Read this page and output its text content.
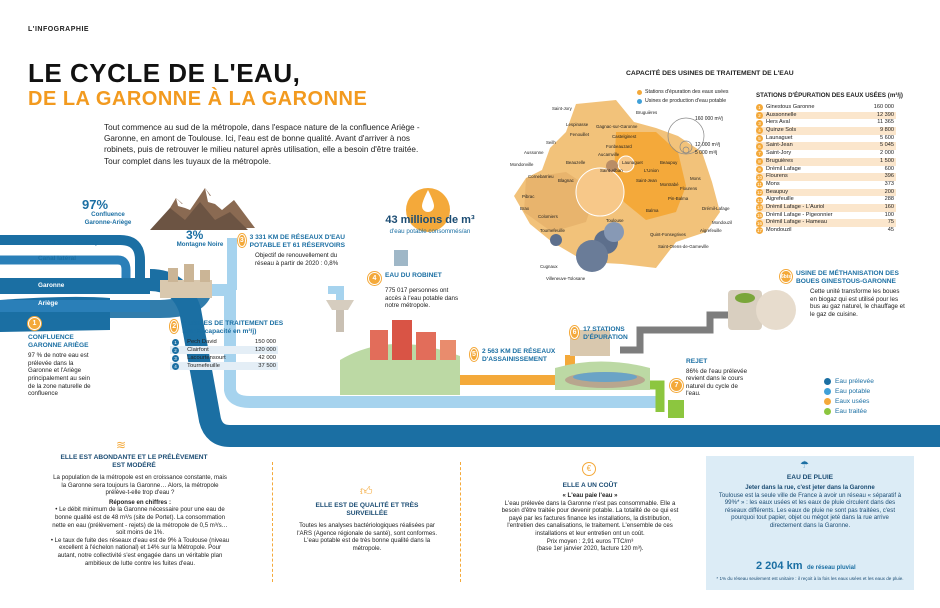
L'INFOGRAPHIE
LE CYCLE DE L'EAU,
DE LA GARONNE À LA GARONNE
Tout commence au sud de la métropole, dans l'espace nature de la confluence Ariège - Garonne, en amont de Toulouse. Ici, l'eau est de bonne qualité. Avant d'arriver à nos robinets, puis de retrouver le milieu naturel après utilisation, elle a besoin d'être traitée. Tour complet dans les tuyaux de la métropole.
97%
Confluence Garonne-Ariège
3%
Montagne Noire
Canal Saint-Martory
Canal latéral
Garonne
Ariège
1
CONFLUENCE GARONNE ARIÈGE
97 % de notre eau est prélevée dans la Garonne et l'Ariège principalement au sein de la zone naturelle de confluence
2 4 USINES DE TRAITEMENT DES EAUX (capacité en m³/j)
1	Pech David	150 000
2	Clairfont	120 000
3	Lacourtensourt	42 000
4	Tournefeuille	37 500
3 3 331 KM DE RÉSEAUX D'EAU POTABLE ET 61 RÉSERVOIRS
Objectif de renouvellement du réseau à partir de 2020 : 0,8%
43 millions de m³
d'eau potable consommés/an
4	EAU DU ROBINET
775 017 personnes ont accès à l'eau potable dans notre métropole.
5 2 563 KM DE RÉSEAUX D'ASSAINISSEMENT
6	17 STATIONS D'ÉPURATION
6bis USINE DE MÉTHANISATION DES BOUES GINESTOUS-GARONNE
Cette unité transforme les boues en biogaz qui est utilisé pour les bus au gaz naturel, le chauffage et le gaz de cuisine.
REJET
86% de l'eau prélevée revient dans le cours naturel du cycle de l'eau.
7
Eau prélevée
Eau potable
Eaux usées
Eau traitée
CAPACITÉ DES USINES DE TRAITEMENT DE L'EAU
Stations d'épuration des eaux usées
Usines de production d'eau potable
160 000 m³/j
12 000 m³/j
5 000 m³/j
Saint-Jory
Lespinasse Gagnac-sur-Garonne
Fenouillet
Seilh
Aussonne
Beauzelle
Mondonville
Cornebarrieu
Blagnac
Aucamville
Fonbeauzard
Castelginest
Saint-Alban
Launaguet
L'Union
Saint-Jean
Pibrac
Brax
Colomiers
Toulouse
Balma
Quint-Fonsegrives
Tournefeuille
Cugnaux
Villeneuve-Tolosane
Saint-Orens-de-Gameville
Flourens
Drémil-Lafage
Mons
Pin-Balma
Montrabé
Beaupuy
Bruguières
Mondouzil
Aigrefeuille
STATIONS D'ÉPURATION DES EAUX USÉES (m³/j)
1 Ginestous Garonne	160 000
2 Aussonnelle	12 390
3 Hers Aval	11 365
4 Quinze Sols	9 800
5 Launaguet	5 600
6 Saint-Jean	5 045
7 Saint-Jory	2 000
8 Bruguières	1 500
9 Drémil Lafage	600
10 Flourens	396
11 Mons	373
12 Beaupuy	200
13 Aigrefeuille	288
14 Drémil Lafage - L'Auriol	160
15 Drémil Lafage - Pigeonnier	100
16 Drémil Lafage - Hameau	75
17 Mondouzil	45
≋
ELLE EST ABONDANTE ET LE PRÉLÈVEMENT EST MODÉRÉ
La population de la métropole est en croissance constante, mais la Garonne sera toujours la Garonne… Alors, la métropole prélève-t-elle trop d'eau ?
Réponse en chiffres :
• Le débit minimum de la Garonne nécessaire pour une eau de bonne qualité est de 48 m³/s (site de Portet). La consommation nette en eau (prélèvement - rejets) de la métropole de 0,5 m³/s… soit moins de 1%.
• Le taux de fuite des réseaux d'eau est de 9% à Toulouse (niveau excellent à l'échelon national) et 14% sur la Métropole. Pour autant, notre collectivité s'est engagée dans un véritable plan ambitieux de lutte contre les fuites d'eau.
👍︎
ELLE EST DE QUALITÉ ET TRÈS SURVEILLÉE
Toutes les analyses bactériologiques réalisées par l'ARS (Agence régionale de santé), sont conformes. L'eau potable est de très bonne qualité dans la métropole.
€
ELLE A UN COÛT
« L'eau paie l'eau »
L'eau prélevée dans la Garonne n'est pas consommable. Elle a besoin d'être traitée pour devenir potable. La totalité de ce qui est payé par les factures finance les installations, la distribution, l'entretien des canalisations, le traitement. L'ensemble de ces installations et leur entretien ont un coût.
Prix moyen : 2,91 euros TTC/m³
(base 1er janvier 2020, facture 120 m³).
☂
EAU DE PLUIE
Jeter dans la rue, c'est jeter dans la Garonne
Toulouse est la seule ville de France à avoir un réseau « séparatif à 99%* » : les eaux usées et les eaux de pluie circulent dans des réseaux différents. Les eaux de pluie ne sont pas traitées, c'est pourquoi tout papier, objet ou mégot jeté dans la rue arrive directement dans la Garonne.
2 204 km de réseau pluvial
* 1% du réseau seulement est unitaire : il reçoit à la fois les eaux usées et les eaux de pluie.
